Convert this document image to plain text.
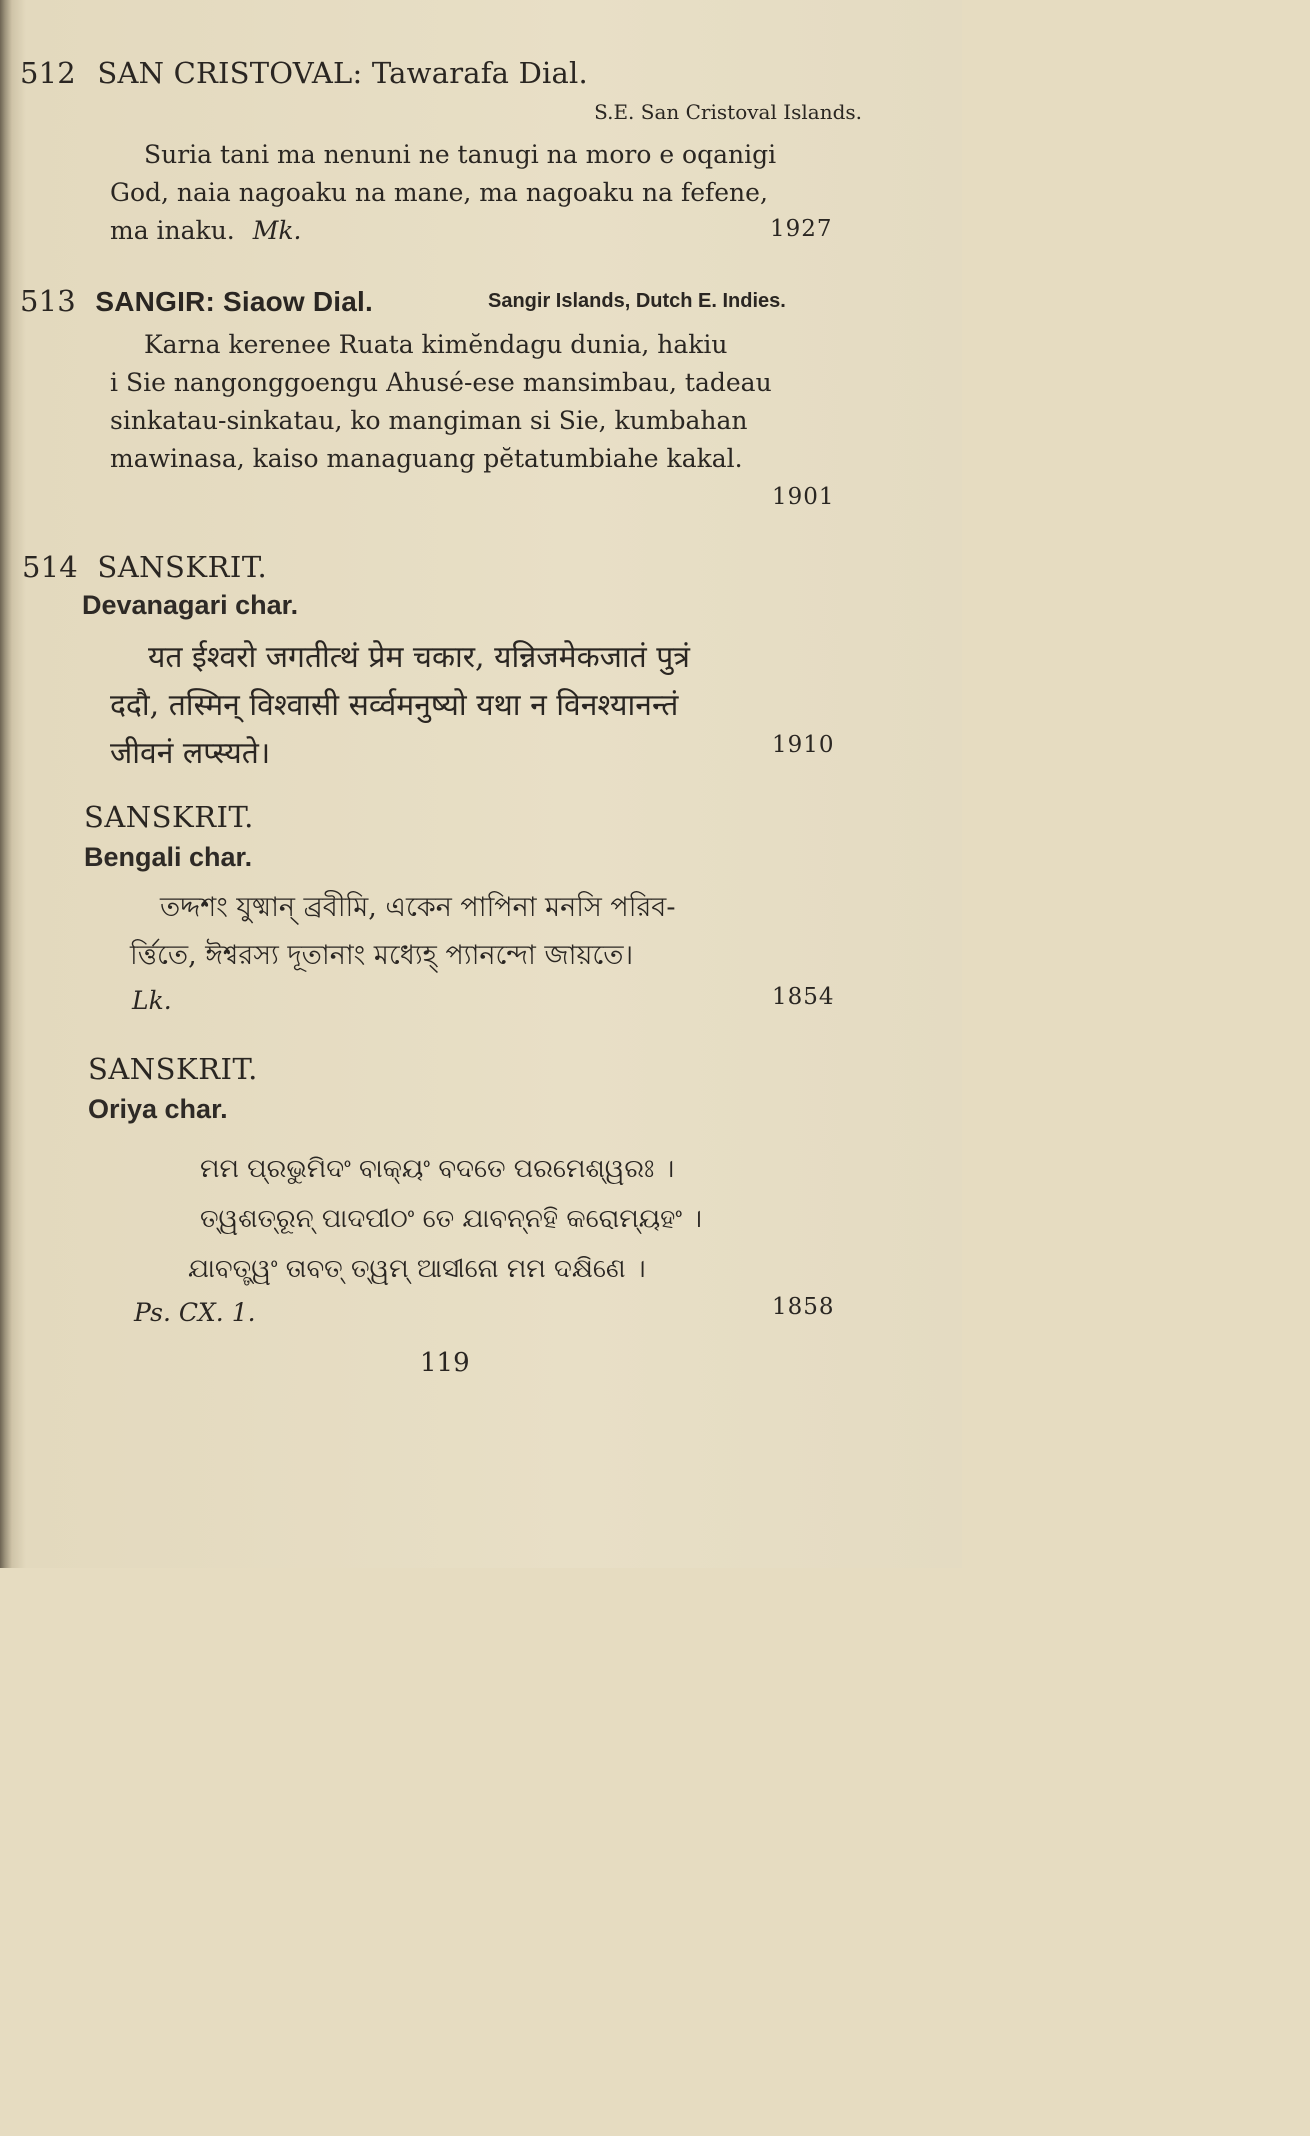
512 SAN CRISTOVAL: Tawarafa Dial.
S.E. San Cristoval Islands.
Suria tani ma nenuni ne tanugi na moro e oqanigi
God, naia nagoaku na mane, ma nagoaku na fefene,
ma inaku. Mk.	1927
513 SANGIR: Siaow Dial.	Sangir Islands, Dutch E. Indies.
Karna kerenee Ruata kimĕndagu dunia, hakiu
i Sie nangonggoengu Ahusé-ese mansimbau, tadeau
sinkatau-sinkatau, ko mangiman si Sie, kumbahan
mawinasa, kaiso managuang pĕtatumbiahe kakal.
1901
514 SANSKRIT.
Devanagari char.
यत ईश्वरो जगतीत्थं प्रेम चकार, यन्निजमेकजातं पुत्रं
ददौ, तस्मिन् विश्वासी सर्व्वमनुष्यो यथा न विनश्यानन्तं
जीवनं लप्स्यते।	1910
SANSKRIT.
Bengali char.
তদ্দশং যুষ্মান্ ব্রবীমি, একেন পাপিনা মনসি পরিব-
র্ত্তিতে, ঈশ্বরস্য দূতানাং মধ্যেহ্ প্যানন্দো জায়তে।
Lk.	1854
SANSKRIT.
Oriya char.
ମମ ପ୍ରଭୁମିଦଂ ବାକ୍ୟଂ ବଦତେ ପରମେଶ୍ୱରଃ ।
ତ୍ୱଶତ୍ରୂନ୍ ପାଦପୀଠଂ ତେ ଯାବନ୍ନହି କରୋମ୍ୟହଂ ।
ଯାବତ୍ତ୍ୱଂ ତାବତ୍ ତ୍ୱମ୍ ଆସୀନୋ ମମ ଦକ୍ଷିଣେ ।
Ps. CX. 1.	1858
119
